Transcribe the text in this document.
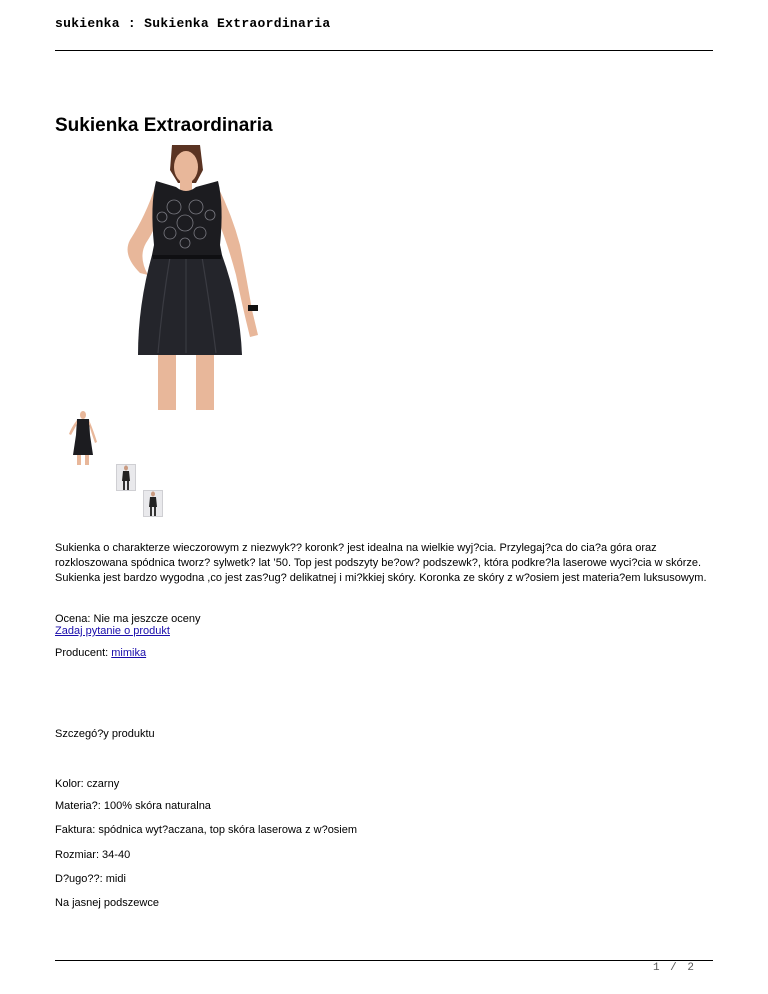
sukienka : Sukienka Extraordinaria
Sukienka Extraordinaria
Sukienka o charakterze wieczorowym z niezwyk?? koronk? jest idealna na wielkie wyj?cia. Przylegaj?ca do cia?a góra oraz rozkloszowana spódnica tworz? sylwetk? lat ’50. Top jest podszyty be?ow? podszewk?, która podkre?la laserowe wyci?cia w skórze. Sukienka jest bardzo wygodna ,co jest zas?ug? delikatnej i mi?kkiej skóry. Koronka ze skóry z w?osiem jest materia?em luksusowym.
Ocena: Nie ma jeszcze oceny
Zadaj pytanie o produkt
Producent: mimika
Szczegó?y produktu
Kolor: czarny
Materia?: 100% skóra naturalna
Faktura: spódnica wyt?aczana, top skóra laserowa z w?osiem
Rozmiar: 34-40
D?ugo??: midi
Na jasnej podszewce
1 / 2
